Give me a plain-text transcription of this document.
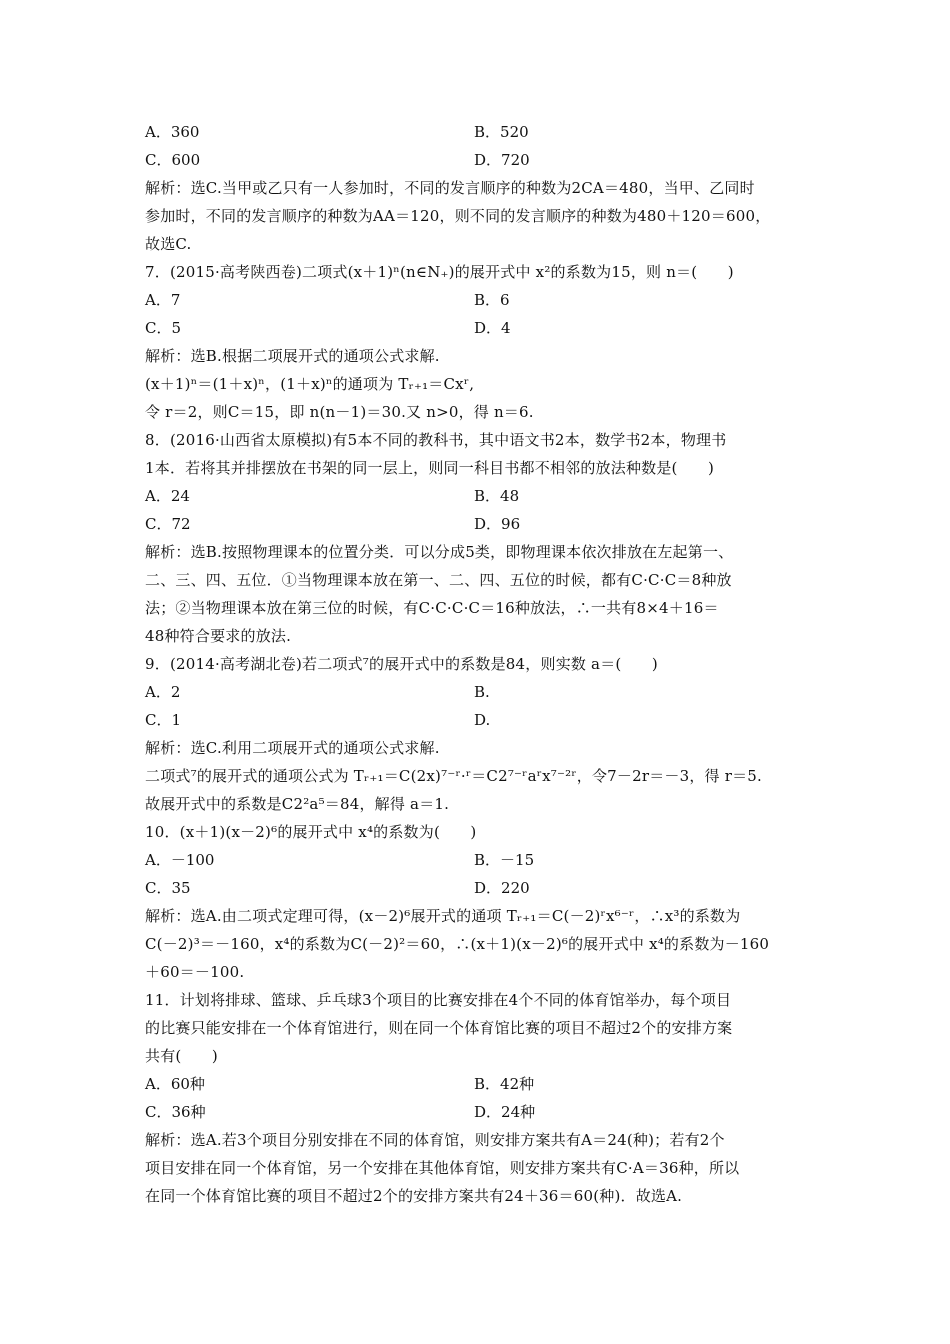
A．360	B．520
C．600	D．720
解析：选C.当甲或乙只有一人参加时，不同的发言顺序的种数为2CA＝480，当甲、乙同时
参加时，不同的发言顺序的种数为AA＝120，则不同的发言顺序的种数为480＋120＝600，
故选C.
7．(2015·高考陕西卷)二项式(x＋1)ⁿ(n∈N₊)的展开式中 x²的系数为15，则 n＝(　　)
A．7	B．6
C．5	D．4
解析：选B.根据二项展开式的通项公式求解.
(x＋1)ⁿ＝(1＋x)ⁿ，(1＋x)ⁿ的通项为 Tᵣ₊₁＝Cxʳ,
令 r＝2，则C＝15，即 n(n－1)＝30.又 n>0，得 n＝6.
8．(2016·山西省太原模拟)有5本不同的教科书，其中语文书2本，数学书2本，物理书
1本．若将其并排摆放在书架的同一层上，则同一科目书都不相邻的放法种数是(　　)
A．24	B．48
C．72	D．96
解析：选B.按照物理课本的位置分类．可以分成5类，即物理课本依次排放在左起第一、
二、三、四、五位．①当物理课本放在第一、二、四、五位的时候，都有C·C·C＝8种放
法；②当物理课本放在第三位的时候，有C·C·C·C＝16种放法，∴一共有8×4＋16＝
48种符合要求的放法.
9．(2014·高考湖北卷)若二项式⁷的展开式中的系数是84，则实数 a＝(　　)
A．2	B.
C．1	D.
解析：选C.利用二项展开式的通项公式求解.
二项式⁷的展开式的通项公式为 Tᵣ₊₁＝C(2x)⁷⁻ʳ·ʳ＝C2⁷⁻ʳaʳx⁷⁻²ʳ，令7－2r＝－3，得 r＝5.
故展开式中的系数是C2²a⁵＝84，解得 a＝1.
10．(x＋1)(x－2)⁶的展开式中 x⁴的系数为(　　)
A．－100	B．－15
C．35	D．220
解析：选A.由二项式定理可得，(x－2)⁶展开式的通项 Tᵣ₊₁＝C(－2)ʳx⁶⁻ʳ，∴x³的系数为
C(－2)³＝－160，x⁴的系数为C(－2)²＝60，∴(x＋1)(x－2)⁶的展开式中 x⁴的系数为－160
＋60＝－100.
11．计划将排球、篮球、乒乓球3个项目的比赛安排在4个不同的体育馆举办，每个项目
的比赛只能安排在一个体育馆进行，则在同一个体育馆比赛的项目不超过2个的安排方案
共有(　　)
A．60种	B．42种
C．36种	D．24种
解析：选A.若3个项目分别安排在不同的体育馆，则安排方案共有A＝24(种)；若有2个
项目安排在同一个体育馆，另一个安排在其他体育馆，则安排方案共有C·A＝36种，所以
在同一个体育馆比赛的项目不超过2个的安排方案共有24＋36＝60(种)．故选A.
